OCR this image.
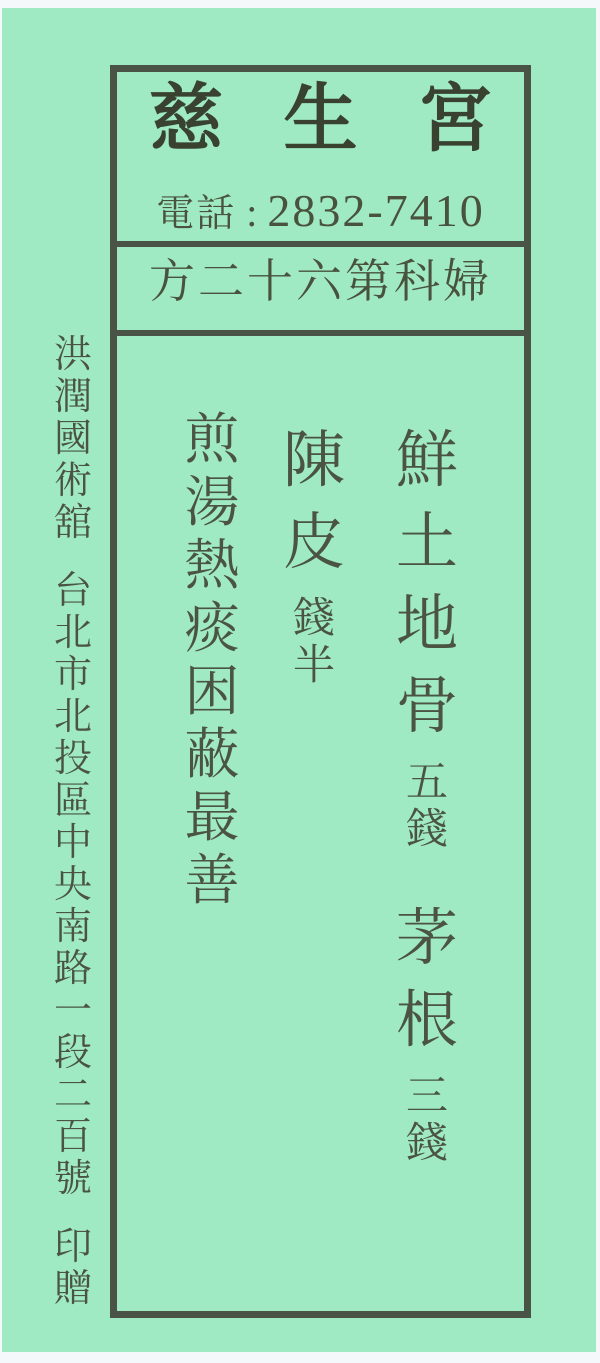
洪潤國術舘
台北市北投區中央南路一段二百號
印贈
慈 生 宮
電話 : 2832-7410
方二十六第科婦
鮮土地骨
五錢
茅根
三錢
陳皮
錢半
煎湯熱痰困蔽最善
